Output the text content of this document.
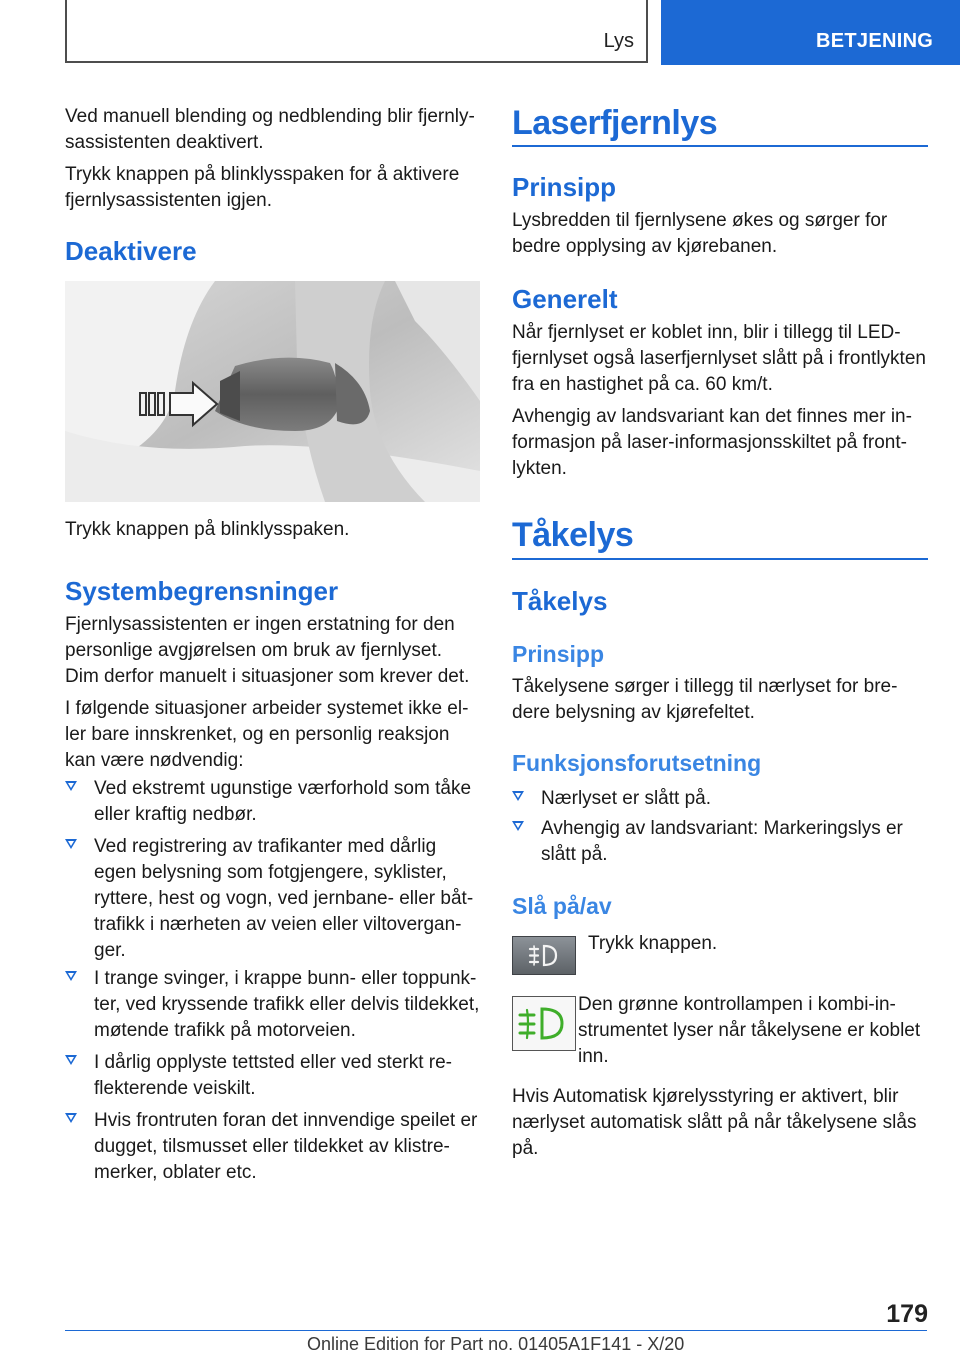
Lys	BETJENING

Ved manuell blending og nedblending blir fjernly-sassistenten deaktivert.

Trykk knappen på blinklysspaken for å aktivere fjernlysassistenten igjen.

Deaktivere

Trykk knappen på blinklysspaken.

Systembegrensninger

Fjernlysassistenten er ingen erstatning for den personlige avgjørelsen om bruk av fjernlyset. Dim derfor manuelt i situasjoner som krever det.

I følgende situasjoner arbeider systemet ikke el-ler bare innskrenket, og en personlig reaksjon kan være nødvendig:

Ved ekstremt ugunstige værforhold som tåke eller kraftig nedbør.

Ved registrering av trafikanter med dårlig egen belysning som fotgjengere, syklister, ryttere, hest og vogn, ved jernbane- eller båt-trafikk i nærheten av veien eller viltovergan-ger.

I trange svinger, i krappe bunn- eller toppunk-ter, ved kryssende trafikk eller delvis tildekket, møtende trafikk på motorveien.

I dårlig opplyste tettsted eller ved sterkt re-flekterende veiskilt.

Hvis frontruten foran det innvendige speilet er dugget, tilsmusset eller tildekket av klistre-merker, oblater etc.

Laserfjernlys
Prinsipp

Lysbredden til fjernlysene økes og sørger for bedre opplysing av kjørebanen.

Generelt

Når fjernlyset er koblet inn, blir i tillegg til LED-fjernlyset også laserfjernlyset slått på i frontlykten fra en hastighet på ca. 60 km/t.

Avhengig av landsvariant kan det finnes mer in-formasjon på laser-informasjonsskiltet på front-lykten.

Tåkelys
Tåkelys
Prinsipp

Tåkelysene sørger i tillegg til nærlyset for bre-dere belysning av kjørefeltet.

Funksjonsforutsetning

Nærlyset er slått på.

Avhengig av landsvariant: Markeringslys er slått på.

Slå på/av

Trykk knappen.

Den grønne kontrollampen i kombi-in-strumentet lyser når tåkelysene er koblet inn.

Hvis Automatisk kjørelysstyring er aktivert, blir nærlyset automatisk slått på når tåkelysene slås på.

179
Online Edition for Part no. 01405A1F141 - X/20
